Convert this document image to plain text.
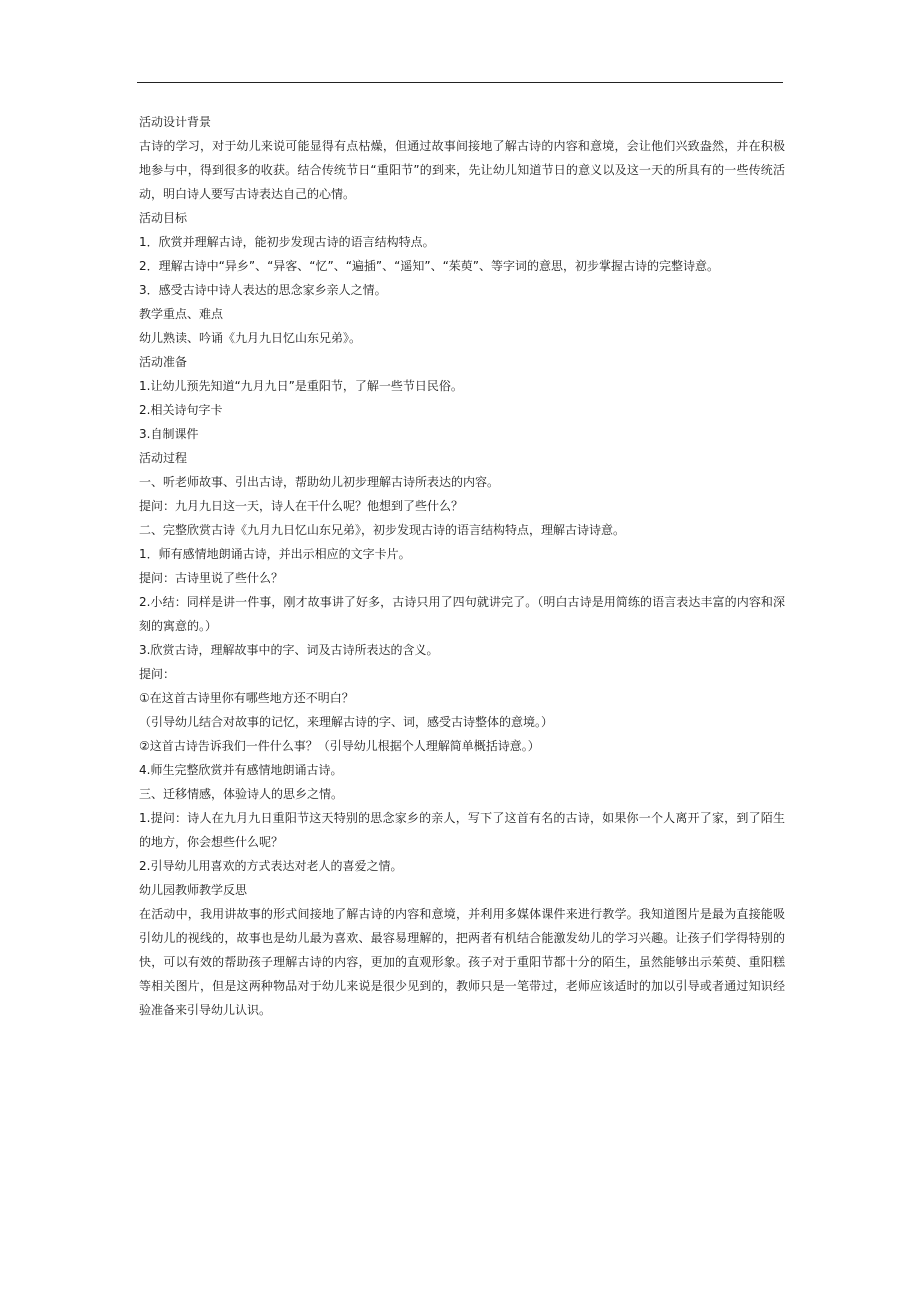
活动设计背景
古诗的学习，对于幼儿来说可能显得有点枯燥，但通过故事间接地了解古诗的内容和意境，会让他们兴致盎然，并在积极地参与中，得到很多的收获。结合传统节日“重阳节”的到来，先让幼儿知道节日的意义以及这一天的所具有的一些传统活动，明白诗人要写古诗表达自己的心情。
活动目标
1．欣赏并理解古诗，能初步发现古诗的语言结构特点。
2．理解古诗中“异乡”、“异客、“忆”、“遍插”、“遥知”、“茱萸”、等字词的意思，初步掌握古诗的完整诗意。
3．感受古诗中诗人表达的思念家乡亲人之情。
教学重点、难点
幼儿熟读、吟诵《九月九日忆山东兄弟》。
活动准备
1.让幼儿预先知道“九月九日”是重阳节，了解一些节日民俗。
2.相关诗句字卡
3.自制课件
活动过程
一、听老师故事、引出古诗，帮助幼儿初步理解古诗所表达的内容。
提问：九月九日这一天，诗人在干什么呢？他想到了些什么？
二、完整欣赏古诗《九月九日忆山东兄弟》，初步发现古诗的语言结构特点，理解古诗诗意。
1．师有感情地朗诵古诗，并出示相应的文字卡片。
提问：古诗里说了些什么？
2.小结：同样是讲一件事，刚才故事讲了好多，古诗只用了四句就讲完了。（明白古诗是用简练的语言表达丰富的内容和深刻的寓意的。）
3.欣赏古诗，理解故事中的字、词及古诗所表达的含义。
提问：
①在这首古诗里你有哪些地方还不明白？
（引导幼儿结合对故事的记忆，来理解古诗的字、词，感受古诗整体的意境。）
②这首古诗告诉我们一件什么事？（引导幼儿根据个人理解简单概括诗意。）
4.师生完整欣赏并有感情地朗诵古诗。
三、迁移情感，体验诗人的思乡之情。
1.提问：诗人在九月九日重阳节这天特别的思念家乡的亲人，写下了这首有名的古诗，如果你一个人离开了家，到了陌生的地方，你会想些什么呢？
2.引导幼儿用喜欢的方式表达对老人的喜爱之情。
幼儿园教师教学反思
在活动中，我用讲故事的形式间接地了解古诗的内容和意境，并利用多媒体课件来进行教学。我知道图片是最为直接能吸引幼儿的视线的，故事也是幼儿最为喜欢、最容易理解的，把两者有机结合能激发幼儿的学习兴趣。让孩子们学得特别的快，可以有效的帮助孩子理解古诗的内容，更加的直观形象。孩子对于重阳节都十分的陌生，虽然能够出示茱萸、重阳糕等相关图片，但是这两种物品对于幼儿来说是很少见到的，教师只是一笔带过，老师应该适时的加以引导或者通过知识经验准备来引导幼儿认识。
